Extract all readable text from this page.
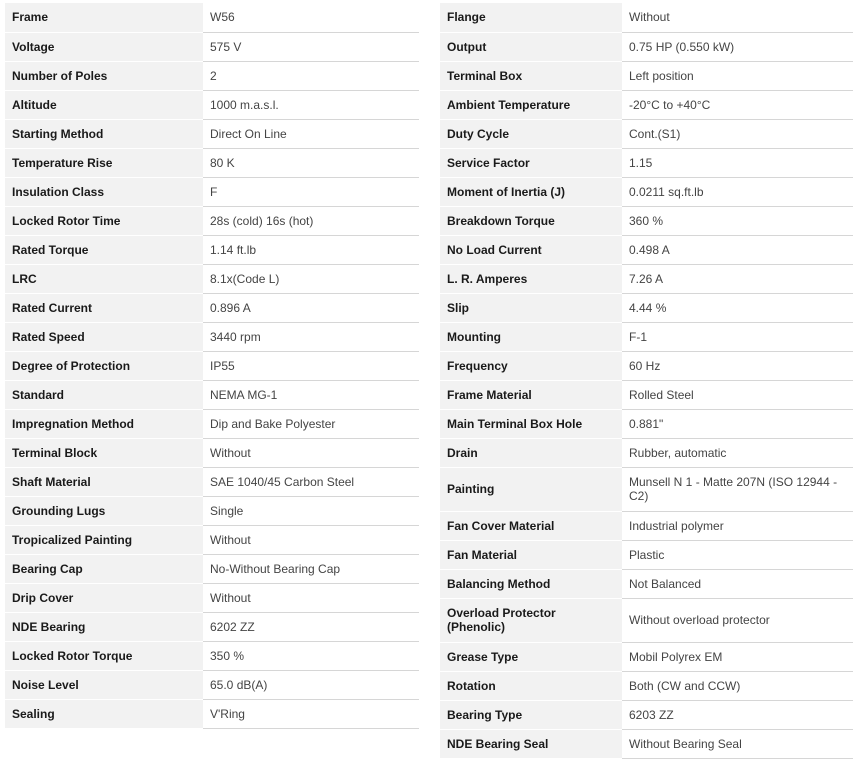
Frame	W56
Voltage	575 V
Number of Poles	2
Altitude	1000 m.a.s.l.
Starting Method	Direct On Line
Temperature Rise	80 K
Insulation Class	F
Locked Rotor Time	28s (cold) 16s (hot)
Rated Torque	1.14 ft.lb
LRC	8.1x(Code L)
Rated Current	0.896 A
Rated Speed	3440 rpm
Degree of Protection	IP55
Standard	NEMA MG-1
Impregnation Method	Dip and Bake Polyester
Terminal Block	Without
Shaft Material	SAE 1040/45 Carbon Steel
Grounding Lugs	Single
Tropicalized Painting	Without
Bearing Cap	No-Without Bearing Cap
Drip Cover	Without
NDE Bearing	6202 ZZ
Locked Rotor Torque	350 %
Noise Level	65.0 dB(A)
Sealing	V'Ring
Flange	Without
Output	0.75 HP (0.550 kW)
Terminal Box	Left position
Ambient Temperature	-20°C to +40°C
Duty Cycle	Cont.(S1)
Service Factor	1.15
Moment of Inertia (J)	0.0211 sq.ft.lb
Breakdown Torque	360 %
No Load Current	0.498 A
L. R. Amperes	7.26 A
Slip	4.44 %
Mounting	F-1
Frequency	60 Hz
Frame Material	Rolled Steel
Main Terminal Box Hole	0.881"
Drain	Rubber, automatic
Painting	Munsell N 1 - Matte 207N (ISO 12944 - C2)
Fan Cover Material	Industrial polymer
Fan Material	Plastic
Balancing Method	Not Balanced
Overload Protector (Phenolic)	Without overload protector
Grease Type	Mobil Polyrex EM
Rotation	Both (CW and CCW)
Bearing Type	6203 ZZ
NDE Bearing Seal	Without Bearing Seal
